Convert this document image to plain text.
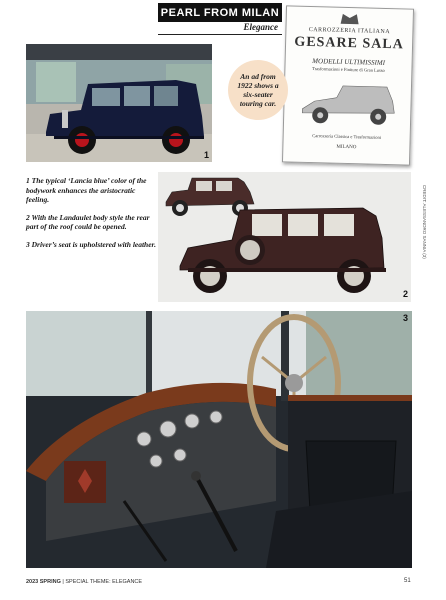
PEARL FROM MILAN
Elegance
1
CARROZZERIA ITALIANA
GESARE SALA
MODELLI ULTIMISSIMI
Trasformazioni e Finiture di Gran Lusso
Carrozzeria Classica e Trasformazioni
MILANO
An ad from 1922 shows a six-seater touring car.

1 The typical ‘Lancia blue’ color of the bodywork enhances the aristocratic feeling.

2 With the Landaulet body style the rear part of the roof could be opened.

3 Driver’s seat is upholstered with leather.

2
CREDIT: ALESSANDRO SANNIA (3)
3
2023 SPRING | SPECIAL THEME: ELEGANCE	51
